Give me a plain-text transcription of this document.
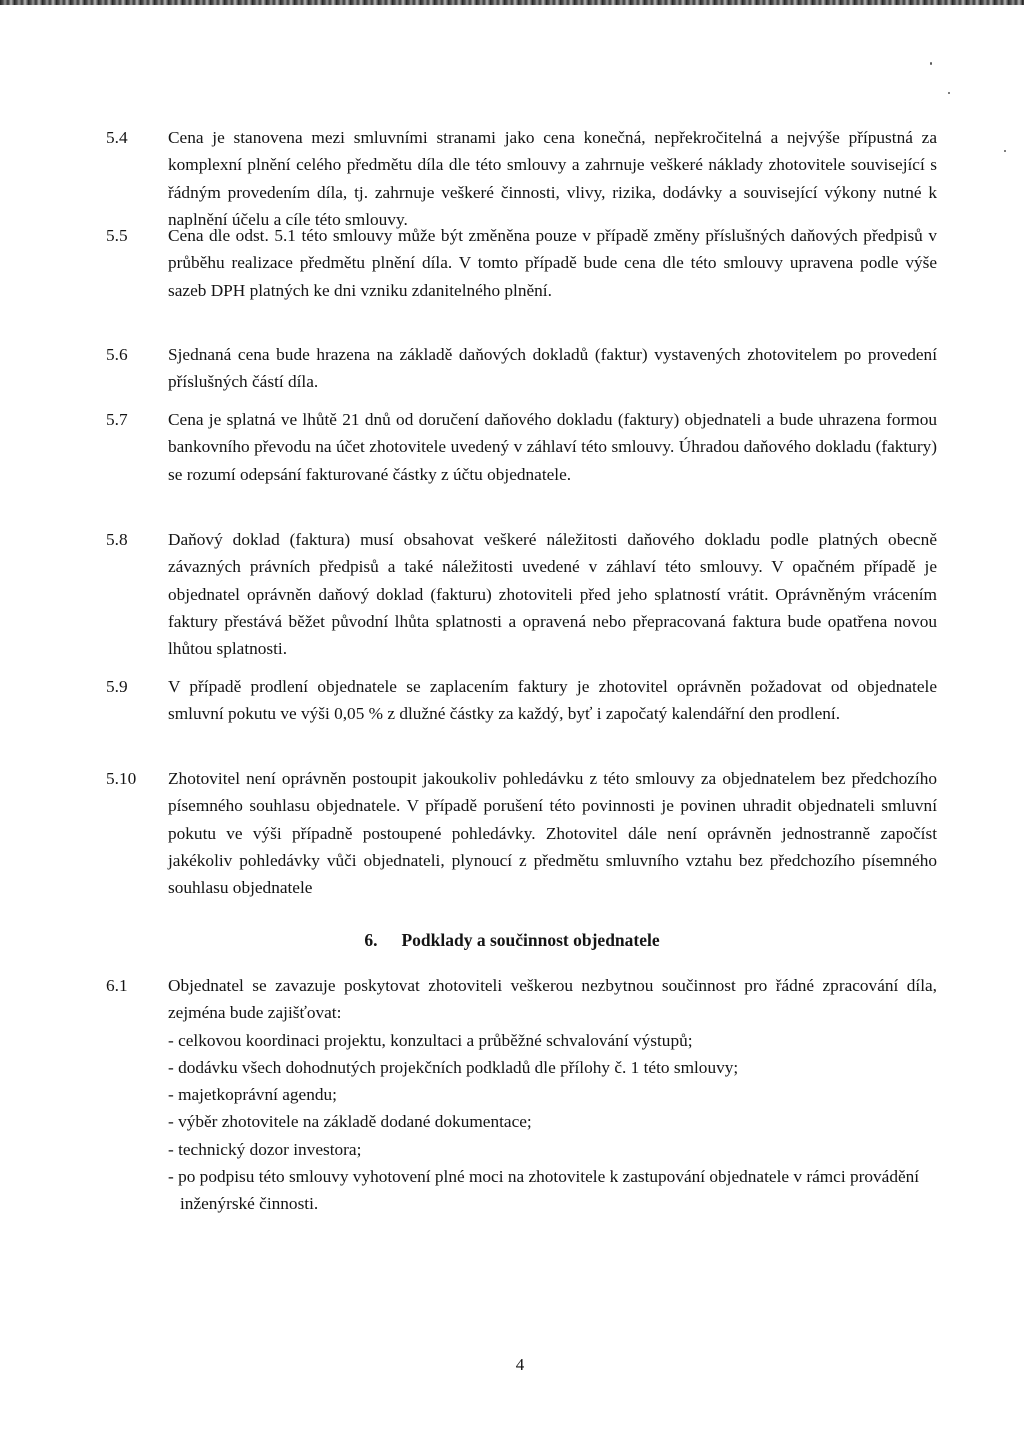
5.4 Cena je stanovena mezi smluvními stranami jako cena konečná, nepřekročitelná a nejvýše přípustná za komplexní plnění celého předmětu díla dle této smlouvy a zahrnuje veškeré náklady zhotovitele související s řádným provedením díla, tj. zahrnuje veškeré činnosti, vlivy, rizika, dodávky a související výkony nutné k naplnění účelu a cíle této smlouvy.

5.5 Cena dle odst. 5.1 této smlouvy může být změněna pouze v případě změny příslušných daňových předpisů v průběhu realizace předmětu plnění díla. V tomto případě bude cena dle této smlouvy upravena podle výše sazeb DPH platných ke dni vzniku zdanitelného plnění.

5.6 Sjednaná cena bude hrazena na základě daňových dokladů (faktur) vystavených zhotovitelem po provedení příslušných částí díla.

5.7 Cena je splatná ve lhůtě 21 dnů od doručení daňového dokladu (faktury) objednateli a bude uhrazena formou bankovního převodu na účet zhotovitele uvedený v záhlaví této smlouvy. Úhradou daňového dokladu (faktury) se rozumí odepsání fakturované částky z účtu objednatele.

5.8 Daňový doklad (faktura) musí obsahovat veškeré náležitosti daňového dokladu podle platných obecně závazných právních předpisů a také náležitosti uvedené v záhlaví této smlouvy. V opačném případě je objednatel oprávněn daňový doklad (fakturu) zhotoviteli před jeho splatností vrátit. Oprávněným vrácením faktury přestává běžet původní lhůta splatnosti a opravená nebo přepracovaná faktura bude opatřena novou lhůtou splatnosti.

5.9 V případě prodlení objednatele se zaplacením faktury je zhotovitel oprávněn požadovat od objednatele smluvní pokutu ve výši 0,05 % z dlužné částky za každý, byť i započatý kalendářní den prodlení.

5.10 Zhotovitel není oprávněn postoupit jakoukoliv pohledávku z této smlouvy za objednatelem bez předchozího písemného souhlasu objednatele. V případě porušení této povinnosti je povinen uhradit objednateli smluvní pokutu ve výši případně postoupené pohledávky. Zhotovitel dále není oprávněn jednostranně započíst jakékoliv pohledávky vůči objednateli, plynoucí z předmětu smluvního vztahu bez předchozího písemného souhlasu objednatele

6. Podklady a součinnost objednatele
6.1 Objednatel se zavazuje poskytovat zhotoviteli veškerou nezbytnou součinnost pro řádné zpracování díla, zejména bude zajišťovat:

- celkovou koordinaci projektu, konzultaci a průběžné schvalování výstupů;
- dodávku všech dohodnutých projekčních podkladů dle přílohy č. 1 této smlouvy;
- majetkoprávní agendu;
- výběr zhotovitele na základě dodané dokumentace;
- technický dozor investora;
- po podpisu této smlouvy vyhotovení plné moci na zhotovitele k zastupování objednatele v rámci provádění inženýrské činnosti.
4
